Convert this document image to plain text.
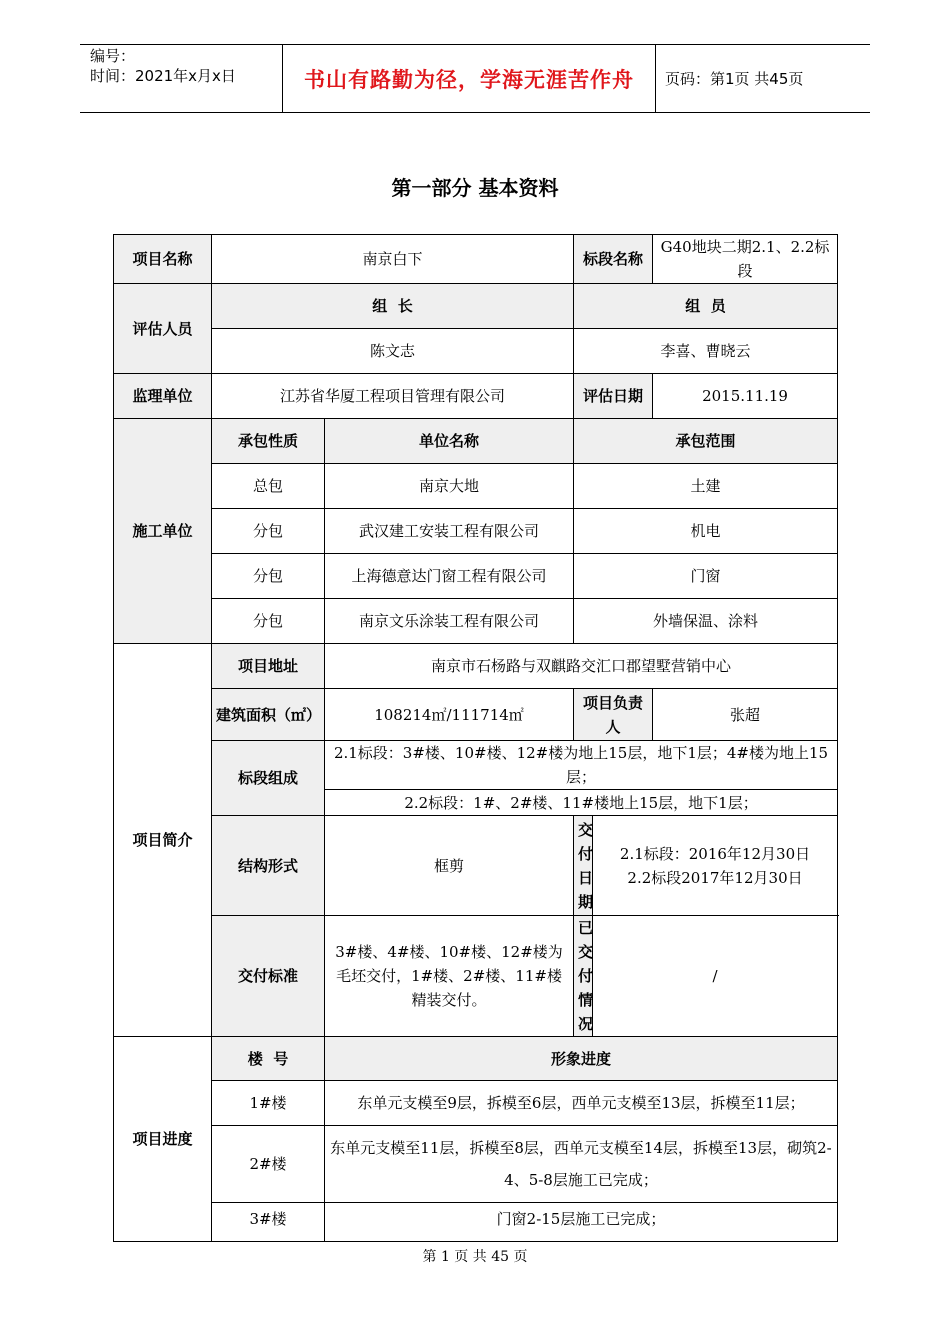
编号：
时间：2021年x月x日	书山有路勤为径，学海无涯苦作舟	页码：第1页 共45页
第一部分 基本资料
项目名称	南京白下		标段名称		G40地块二期2.1、2.2标段
评估人员	组  长		组  员		
	陈文志		李喜、曹晓云		
监理单位	江苏省华厦工程项目管理有限公司		评估日期		2015.11.19
施工单位	承包性质	单位名称	承包范围		
	总包	南京大地	土建		
	分包	武汉建工安装工程有限公司	机电		
	分包	上海德意达门窗工程有限公司	门窗		
	分包	南京文乐涂装工程有限公司	外墙保温、涂料		
项目简介	项目地址	南京市石杨路与双麒路交汇口郡望墅营销中心			
	建筑面积（㎡）	108214㎡/111714㎡	项目负责人		张超
	标段组成	2.1标段：3#楼、10#楼、12#楼为地上15层，地下1层；4#楼为地上15层；			
		2.2标段：1#、2#楼、11#楼地上15层，地下1层；			
	结构形式	框剪	交付日期	2.1标段：2016年12月30日
2.2标段2017年12月30日	

	交付标准	3#楼、4#楼、10#楼、12#楼为毛坯交付，1#楼、2#楼、11#楼精装交付。	已交付情况	/	
项目进度	楼  号	形象进度			
	1#楼	东单元支模至9层，拆模至6层，西单元支模至13层，拆模至11层；			
	2#楼	东单元支模至11层，拆模至8层，西单元支模至14层，拆模至13层，砌筑2-4、5-8层施工已完成；			
	3#楼	门窗2-15层施工已完成；			
第 1 页 共 45 页
